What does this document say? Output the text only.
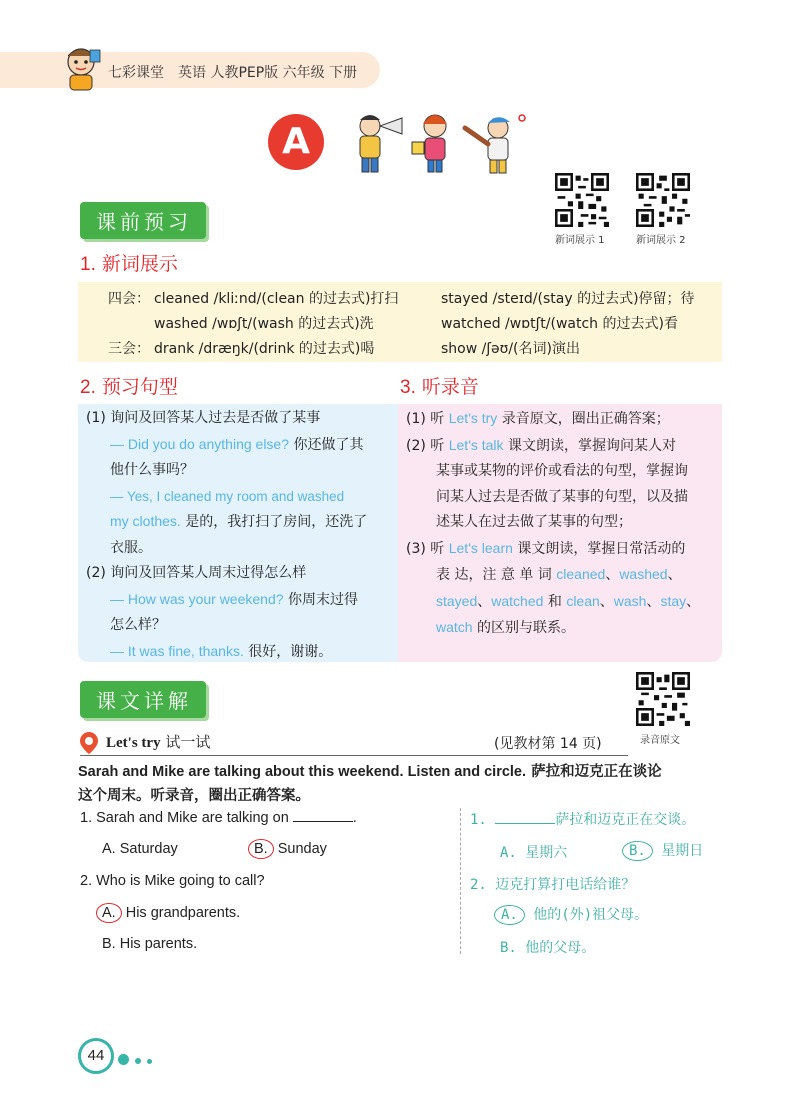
七彩课堂　英语 人教PEP版 六年级 下册
A
新词展示 1	新词展示 2
课前预习
1. 新词展示
四会： cleaned /kliːnd/(clean 的过去式)打扫	stayed /steɪd/(stay 的过去式)停留；待
washed /wɒʃt/(wash 的过去式)洗	watched /wɒtʃt/(watch 的过去式)看
三会： drank /dræŋk/(drink 的过去式)喝	show /ʃəʊ/(名词)演出
2. 预习句型	3. 听录音
(1) 询问及回答某人过去是否做了某事
— Did you do anything else? 你还做了其
他什么事吗？
— Yes, I cleaned my room and washed
my clothes. 是的，我打扫了房间，还洗了
衣服。
(2) 询问及回答某人周末过得怎么样
— How was your weekend? 你周末过得
怎么样？
— It was fine, thanks. 很好，谢谢。
(1) 听 Let's try 录音原文，圈出正确答案；
(2) 听 Let's talk 课文朗读，掌握询问某人对
某事或某物的评价或看法的句型，掌握询
问某人过去是否做了某事的句型，以及描
述某人在过去做了某事的句型；
(3) 听 Let's learn 课文朗读，掌握日常活动的
表 达，注 意 单 词 cleaned、washed、
stayed、watched 和 clean、wash、stay、
watch 的区别与联系。
课文详解
录音原文
Let's try 试一试	(见教材第 14 页)
Sarah and Mike are talking about this weekend. Listen and circle. 萨拉和迈克正在谈论
这个周末。听录音，圈出正确答案。
1. Sarah and Mike are talking on	.
A. Saturday	B. Sunday
2. Who is Mike going to call?
A. His grandparents.
B. His parents.
1.	萨拉和迈克正在交谈。
A. 星期六	B. 星期日
2. 迈克打算打电话给谁？
A. 他的(外)祖父母。
B. 他的父母。
44
